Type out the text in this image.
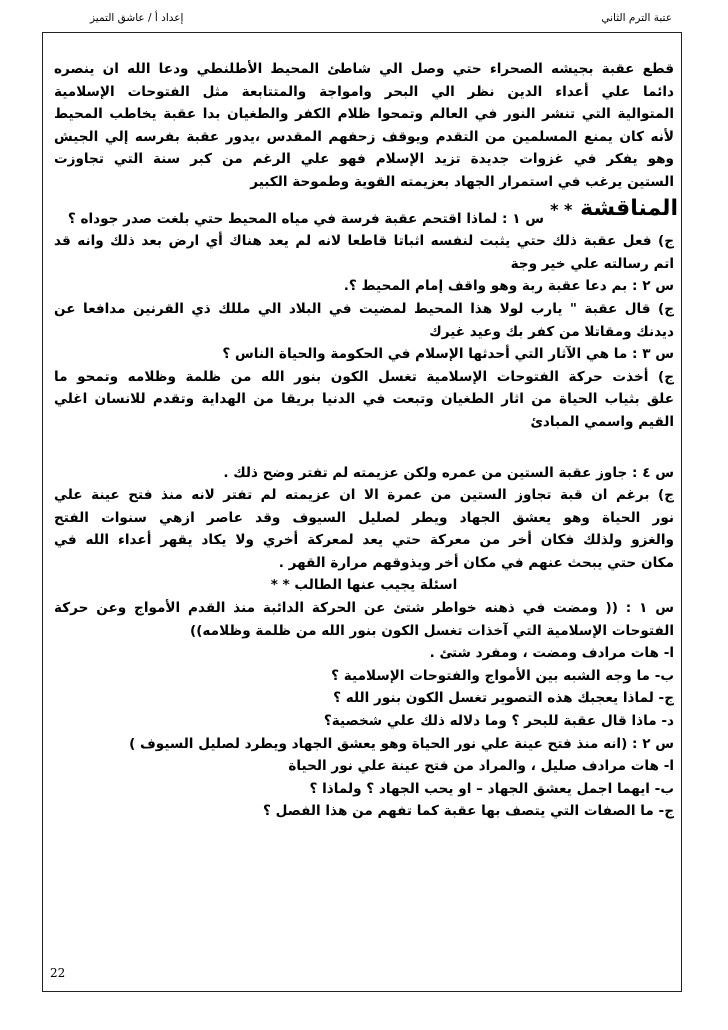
عتبة الترم الثاني
إعداد أ / عاشق التميز
قطع عقبة بجيشه الصحراء حتي وصل الي شاطئ المحيط الأطلنطي ودعا الله ان ينصره
دائما علي أعداء الدين نظر الي البحر وامواجة والمتتابعة مثل الفتوحات الإسلامية
المتوالية التي تنشر النور في العالم وتمحوا ظلام الكفر والطغيان بدا عقبة يخاطب المحيط
لأنه كان يمنع المسلمين من التقدم ويوقف زحفهم المقدس ،يدور عقبة بفرسه إلي الجيش
وهو يفكر في غزوات جديدة تزيد الإسلام فهو علي الرغم من كبر سنة التي تجاوزت
الستين يرغب في استمرار الجهاد بعزيمته القوية وطموحة الكبير
المناقشة * *
س ١ : لماذا اقتحم عقبة فرسة في مياه المحيط حتي بلغت صدر جوداه ؟
ج) فعل عقبة ذلك حتي يثبت لنفسه اثباتا قاطعا لانه لم يعد هناك أي ارض بعد ذلك وانه قد
اتم رسالته علي خير وجة
س ٢ : بم دعا عقبة ربة وهو واقف إمام المحيط ؟.
ج) قال عقبة " يارب لولا هذا المحيط لمضيت في البلاد الي مللك ذي القرنين مدافعا عن
ديدنك ومقاتلا من كفر بك وعيد غيرك
س ٣ : ما هي الآثار التي أحدثها الإسلام في الحكومة والحياة الناس ؟
ج) أخذت حركة الفتوحات الإسلامية تغسل الكون بنور الله من ظلمة وظلامه وتمحو ما
علق بثياب الحياة من اثار الطغيان وتبعت في الدنيا بريقا من الهداية وتقدم للانسان اغلي
القيم واسمي المبادئ
س ٤ : جاوز عقبة الستين من عمره ولكن عزيمته لم تفتر وضح ذلك .
ج) برغم ان قبة تجاوز الستين من عمرة الا ان عزيمته لم تفتر لانه منذ فتح عينة علي
نور الحياة وهو يعشق الجهاد ويطر لصليل السيوف وقد عاصر ازهي سنوات الفتح
والغزو ولذلك فكان أخر من معركة حتي يعد لمعركة أخري ولا يكاد يقهر أعداء الله في
مكان حتي يبحث عنهم في مكان أخر ويذوقهم مرارة القهر .
اسئلة يجيب عنها الطالب * *
س ١ : (( ومضت في ذهنه خواطر شتئ عن الحركة الدائبة منذ القدم الأمواج وعن حركة
الفتوحات الإسلامية التي آخذات تغسل الكون بنور الله من ظلمة وظلامه))
ا- هات مرادف ومضت ، ومفرد شتئ .
ب- ما وجه الشبه بين الأمواج والفتوحات الإسلامية ؟
ج- لماذا يعجبك هذه التصوير تغسل الكون بنور الله ؟
د- ماذا قال عقبة للبحر ؟ وما دلاله ذلك علي شخصية؟
س ٢ : (انه منذ فتح عينة علي نور الحياة وهو يعشق الجهاد ويطرد لصليل السيوف )
ا- هات مرادف صليل ، والمراد من فتح عينة علي نور الحياة
ب- ايهما اجمل يعشق الجهاد – او يحب الجهاد ؟ ولماذا ؟
ج- ما الصفات التي يتصف بها عقبة كما تفهم من هذا الفصل ؟
22
